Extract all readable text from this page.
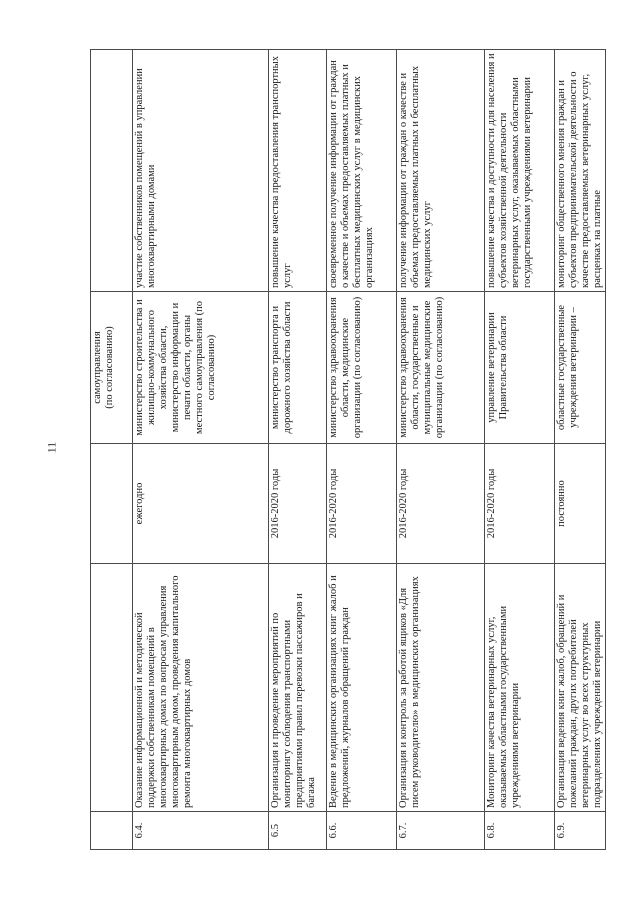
11
			самоуправления
(по согласованию)	
6.4.	Оказание информационной и методической поддержки собственникам помещений в многоквартирных домах по вопросам управления многоквартирным домом, проведения капитального ремонта многоквартирных домов	ежегодно	министерство строительства и жилищно-коммунального хозяйства области, министерство информации и печати области, органы местного самоуправления (по согласованию)	участие собственников помещений в управлении многоквартирными домами
6.5	Организация и проведение мероприятий по мониторингу соблюдения транспортными предприятиями правил перевозки пассажиров и багажа	2016-2020 годы	министерство транспорта и дорожного хозяйства области	повышение качества предоставления транспортных услуг
6.6.	Ведение в медицинских организациях книг жалоб и предложений, журналов обращений граждан	2016-2020 годы	министерство здравоохранения области, медицинские организации (по согласованию)	своевременное получение информации от граждан о качестве и объемах предоставляемых платных и бесплатных медицинских услуг в медицинских организациях
6.7.	Организация и контроль за работой ящиков «Для писем руководителю» в медицинских организациях	2016-2020 годы	министерство здравоохранения области, государственные и муниципальные медицинские организации (по согласованию)	получение информации от граждан о качестве и объемах предоставляемых платных и бесплатных медицинских услуг
6.8.	Мониторинг качества ветеринарных услуг, оказываемых областными государственными учреждениями ветеринарии	2016-2020 годы	управление ветеринарии Правительства области	повышение качества и доступности для населения и субъектов хозяйственной деятельности ветеринарных услуг, оказываемых областными государственными учреждениями ветеринарии
6.9.	Организация ведения книг жалоб, обращений и пожеланий граждан, других потребителей ветеринарных услуг во всех структурных подразделениях учреждений ветеринарии	постоянно	областные государственные учреждения ветеринарии –	мониторинг общественного мнения граждан и субъектов предпринимательской деятельности о качестве предоставляемых ветеринарных услуг, расценках на платные
